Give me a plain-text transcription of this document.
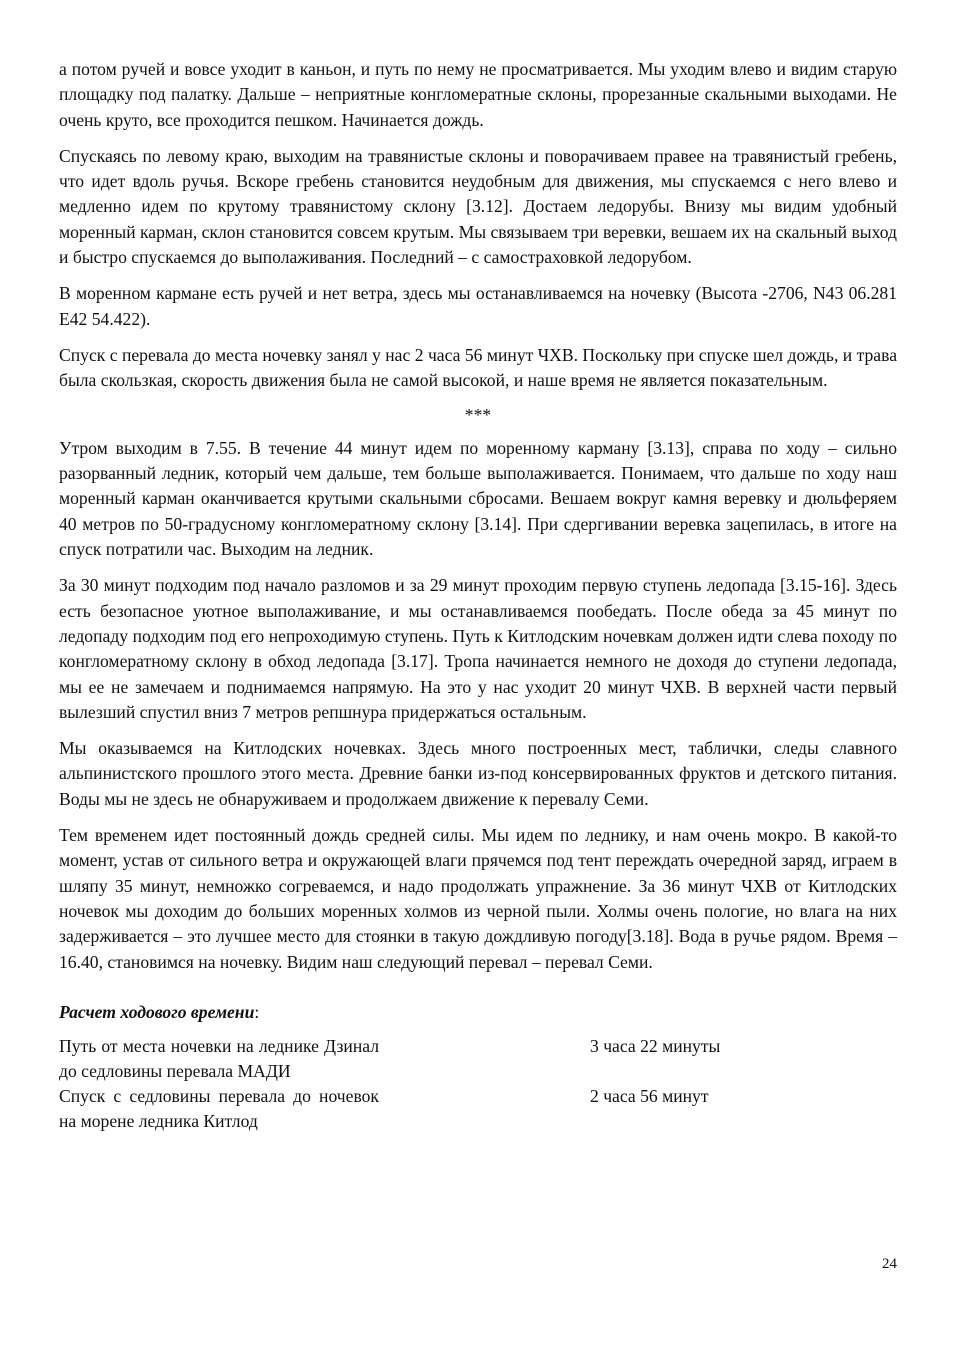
а потом ручей и вовсе уходит в каньон, и путь по нему не просматривается. Мы уходим влево и видим старую площадку под палатку. Дальше – неприятные конгломератные склоны, прорезанные скальными выходами. Не очень круто, все проходится пешком. Начинается дождь.

Спускаясь по левому краю, выходим на травянистые склоны и поворачиваем правее на травянистый гребень, что идет вдоль ручья. Вскоре гребень становится неудобным для движения, мы спускаемся с него влево и медленно идем по крутому травянистому склону [3.12]. Достаем ледорубы. Внизу мы видим удобный моренный карман, склон становится совсем крутым. Мы связываем три веревки, вешаем их на скальный выход и быстро спускаемся до выполаживания. Последний – с самостраховкой ледорубом.

В моренном кармане есть ручей и нет ветра, здесь мы останавливаемся на ночевку (Высота -2706, N43 06.281 E42 54.422).

Спуск с перевала до места ночевку занял у нас 2 часа 56 минут ЧХВ. Поскольку при спуске шел дождь, и трава была скользкая, скорость движения была не самой высокой, и наше время не является показательным.

***

Утром выходим в 7.55. В течение 44 минут идем по моренному карману [3.13], справа по ходу – сильно разорванный ледник, который чем дальше, тем больше выполаживается. Понимаем, что дальше по ходу наш моренный карман оканчивается крутыми скальными сбросами. Вешаем вокруг камня веревку и дюльферяем 40 метров по 50-градусному конгломератному склону [3.14]. При сдергивании веревка зацепилась, в итоге на спуск потратили час. Выходим на ледник.

За 30 минут подходим под начало разломов и за 29 минут проходим первую ступень ледопада [3.15-16]. Здесь есть безопасное уютное выполаживание, и мы останавливаемся пообедать. После обеда за 45 минут по ледопаду подходим под его непроходимую ступень. Путь к Китлодским ночевкам должен идти слева походу по конгломератному склону в обход ледопада [3.17]. Тропа начинается немного не доходя до ступени ледопада, мы ее не замечаем и поднимаемся напрямую. На это у нас уходит 20 минут ЧХВ. В верхней части первый вылезший спустил вниз 7 метров репшнура придержаться остальным.

Мы оказываемся на Китлодских ночевках. Здесь много построенных мест, таблички, следы славного альпинистского прошлого этого места. Древние банки из-под консервированных фруктов и детского питания. Воды мы не здесь не обнаруживаем и продолжаем движение к перевалу Семи.

Тем временем идет постоянный дождь средней силы. Мы идем по леднику, и нам очень мокро. В какой-то момент, устав от сильного ветра и окружающей влаги прячемся под тент переждать очередной заряд, играем в шляпу 35 минут, немножко согреваемся, и надо продолжать упражнение. За 36 минут ЧХВ от Китлодских ночевок мы доходим до больших моренных холмов из черной пыли. Холмы очень пологие, но влага на них задерживается – это лучшее место для стоянки в такую дождливую погоду[3.18]. Вода в ручье рядом. Время – 16.40, становимся на ночевку. Видим наш следующий перевал – перевал Семи.

Расчет ходового времени:
Путь от места ночевки на леднике Дзинал до седловины перевала МАДИ
3 часа 22 минуты
Спуск с седловины перевала до ночевок на морене ледника Китлод
2 часа 56 минут
24
